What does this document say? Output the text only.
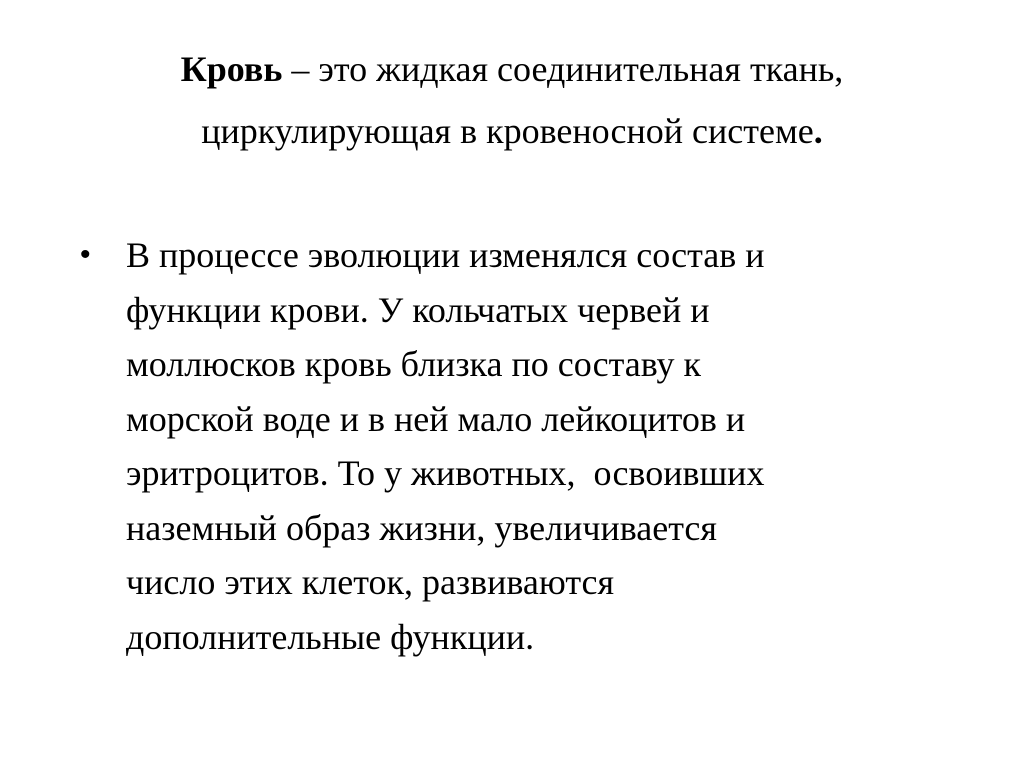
Кровь – это жидкая соединительная ткань,
циркулирующая в кровеносной системе.
• В процессе эволюции изменялся состав и
функции крови. У кольчатых червей и
моллюсков кровь близка по составу к
морской воде и в ней мало лейкоцитов и
эритроцитов. То у животных,  освоивших
наземный образ жизни, увеличивается
число этих клеток, развиваются
дополнительные функции.
